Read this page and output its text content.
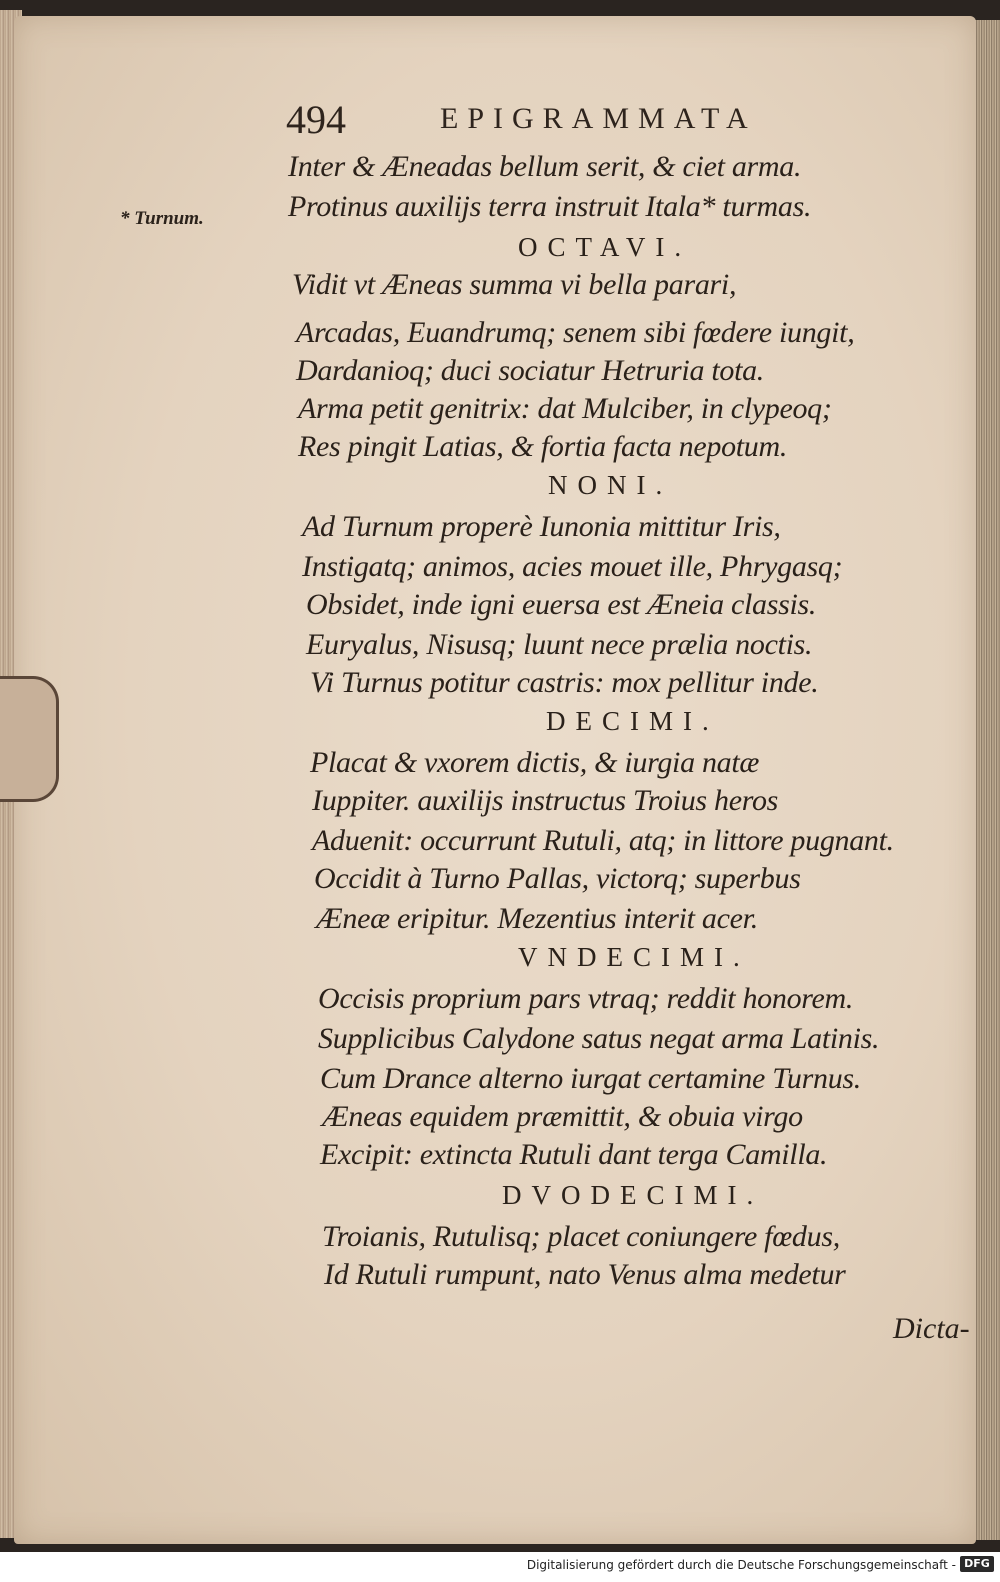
494	EPIGRAMMATA
* Turnum.
Inter & Æneadas bellum serit, & ciet arma.
Protinus auxilijs terra instruit Itala* turmas.
OCTAVI.
Vidit vt Æneas summa vi bella parari,
Arcadas, Euandrumq; senem sibi fœdere iungit,
Dardanioq; duci sociatur Hetruria tota.
Arma petit genitrix: dat Mulciber, in clypeoq;
Res pingit Latias, & fortia facta nepotum.
NONI.
Ad Turnum properè Iunonia mittitur Iris,
Instigatq; animos, acies mouet ille, Phrygasq;
Obsidet, inde igni euersa est Æneia classis.
Euryalus, Nisusq; luunt nece prælia noctis.
Vi Turnus potitur castris: mox pellitur inde.
DECIMI.
Placat & vxorem dictis, & iurgia natæ
Iuppiter. auxilijs instructus Troius heros
Aduenit: occurrunt Rutuli, atq; in littore pugnant.
Occidit à Turno Pallas, victorq; superbus
Æneæ eripitur. Mezentius interit acer.
VNDECIMI.
Occisis proprium pars vtraq; reddit honorem.
Supplicibus Calydone satus negat arma Latinis.
Cum Drance alterno iurgat certamine Turnus.
Æneas equidem præmittit, & obuia virgo
Excipit: extincta Rutuli dant terga Camilla.
DVODECIMI.
Troianis, Rutulisq; placet coniungere fœdus,
Id Rutuli rumpunt, nato Venus alma medetur
Dicta-
Digitalisierung gefördert durch die Deutsche Forschungsgemeinschaft - DFG
